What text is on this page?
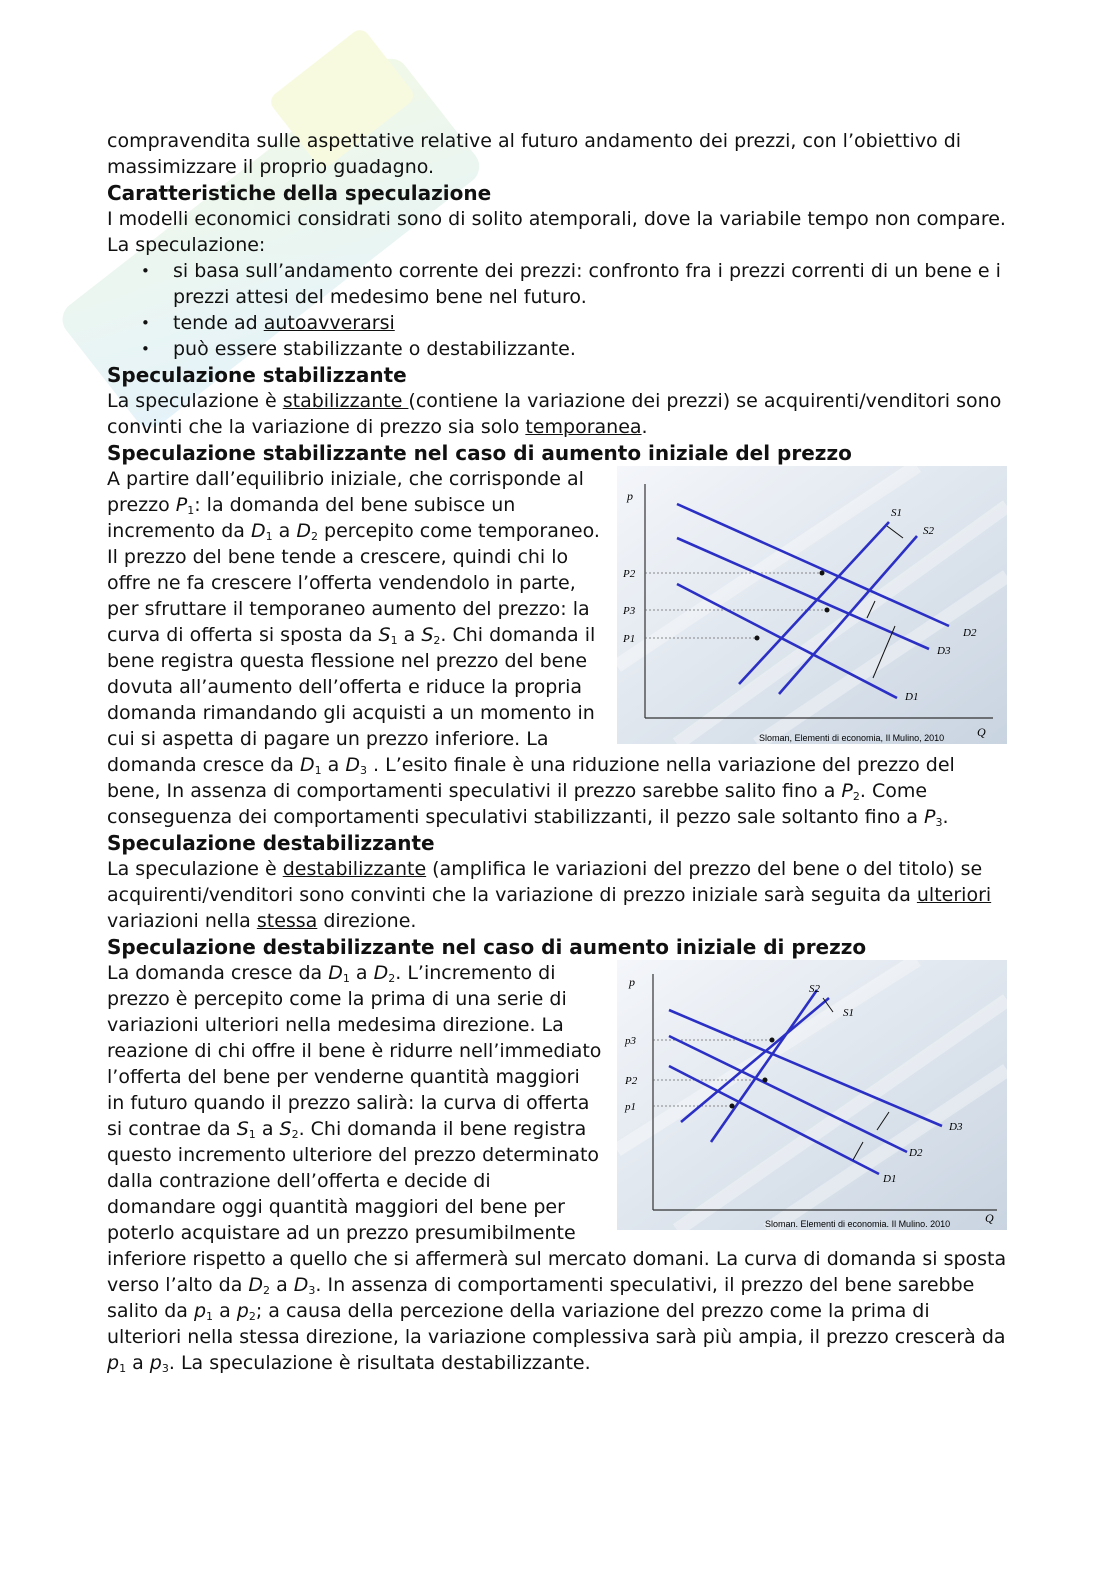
compravendita sulle aspettative relative al futuro andamento dei prezzi, con l’obiettivo di massimizzare il proprio guadagno.

Caratteristiche della speculazione

I modelli economici considrati sono di solito atemporali, dove la variabile tempo non compare. La speculazione:

• si basa sull’andamento corrente dei prezzi: confronto fra i prezzi correnti di un bene e i prezzi attesi del medesimo bene nel futuro.
• tende ad autoavverarsi
• può essere stabilizzante o destabilizzante.
Speculazione stabilizzante

La speculazione è stabilizzante (contiene la variazione dei prezzi) se acquirenti/venditori sono convinti che la variazione di prezzo sia solo temporanea.

Speculazione stabilizzante nel caso di aumento iniziale del prezzo
p
Q
P2
P3
P1
S1
S2
D2
D3
D1
Sloman, Elementi di economia, Il Mulino, 2010

A partire dall’equilibrio iniziale, che corrisponde al prezzo $P_1$: la domanda del bene subisce un incremento da $D_1$ a $D_2$ percepito come temporaneo. Il prezzo del bene tende a crescere, quindi chi lo offre ne fa crescere l’offerta vendendolo in parte, per sfruttare il temporaneo aumento del prezzo: la curva di offerta si sposta da $S_1$ a $S_2$. Chi domanda il bene registra questa flessione nel prezzo del bene dovuta all’aumento dell’offerta e riduce la propria domanda rimandando gli acquisti a un momento in cui si aspetta di pagare un prezzo inferiore. La domanda cresce da $D_1$ a $D_3$ . L’esito finale è una riduzione nella variazione del prezzo del bene, In assenza di comportamenti speculativi il prezzo sarebbe salito fino a $P_2$. Come conseguenza dei comportamenti speculativi stabilizzanti, il pezzo sale soltanto fino a $P_3$.

Speculazione destabilizzante

La speculazione è destabilizzante (amplifica le variazioni del prezzo del bene o del titolo) se acquirenti/venditori sono convinti che la variazione di prezzo iniziale sarà seguita da ulteriori variazioni nella stessa direzione.

Speculazione destabilizzante nel caso di aumento iniziale di prezzo
p
Q
p3
P2
p1
S2
S1
D3
D2
D1
Sloman. Elementi di economia. Il Mulino. 2010

La domanda cresce da $D_1$ a $D_2$. L’incremento di prezzo è percepito come la prima di una serie di variazioni ulteriori nella medesima direzione. La reazione di chi offre il bene è ridurre nell’immediato l’offerta del bene per venderne quantità maggiori in futuro quando il prezzo salirà: la curva di offerta si contrae da $S_1$ a $S_2$. Chi domanda il bene registra questo incremento ulteriore del prezzo determinato dalla contrazione dell’offerta e decide di domandare oggi quantità maggiori del bene per poterlo acquistare ad un prezzo presumibilmente inferiore rispetto a quello che si affermerà sul mercato domani. La curva di domanda si sposta verso l’alto da $D_2$ a $D_3$. In assenza di comportamenti speculativi, il prezzo del bene sarebbe salito da $p_1$ a $p_2$; a causa della percezione della variazione del prezzo come la prima di ulteriori nella stessa direzione, la variazione complessiva sarà più ampia, il prezzo crescerà da $p_1$ a $p_3$. La speculazione è risultata destabilizzante.
